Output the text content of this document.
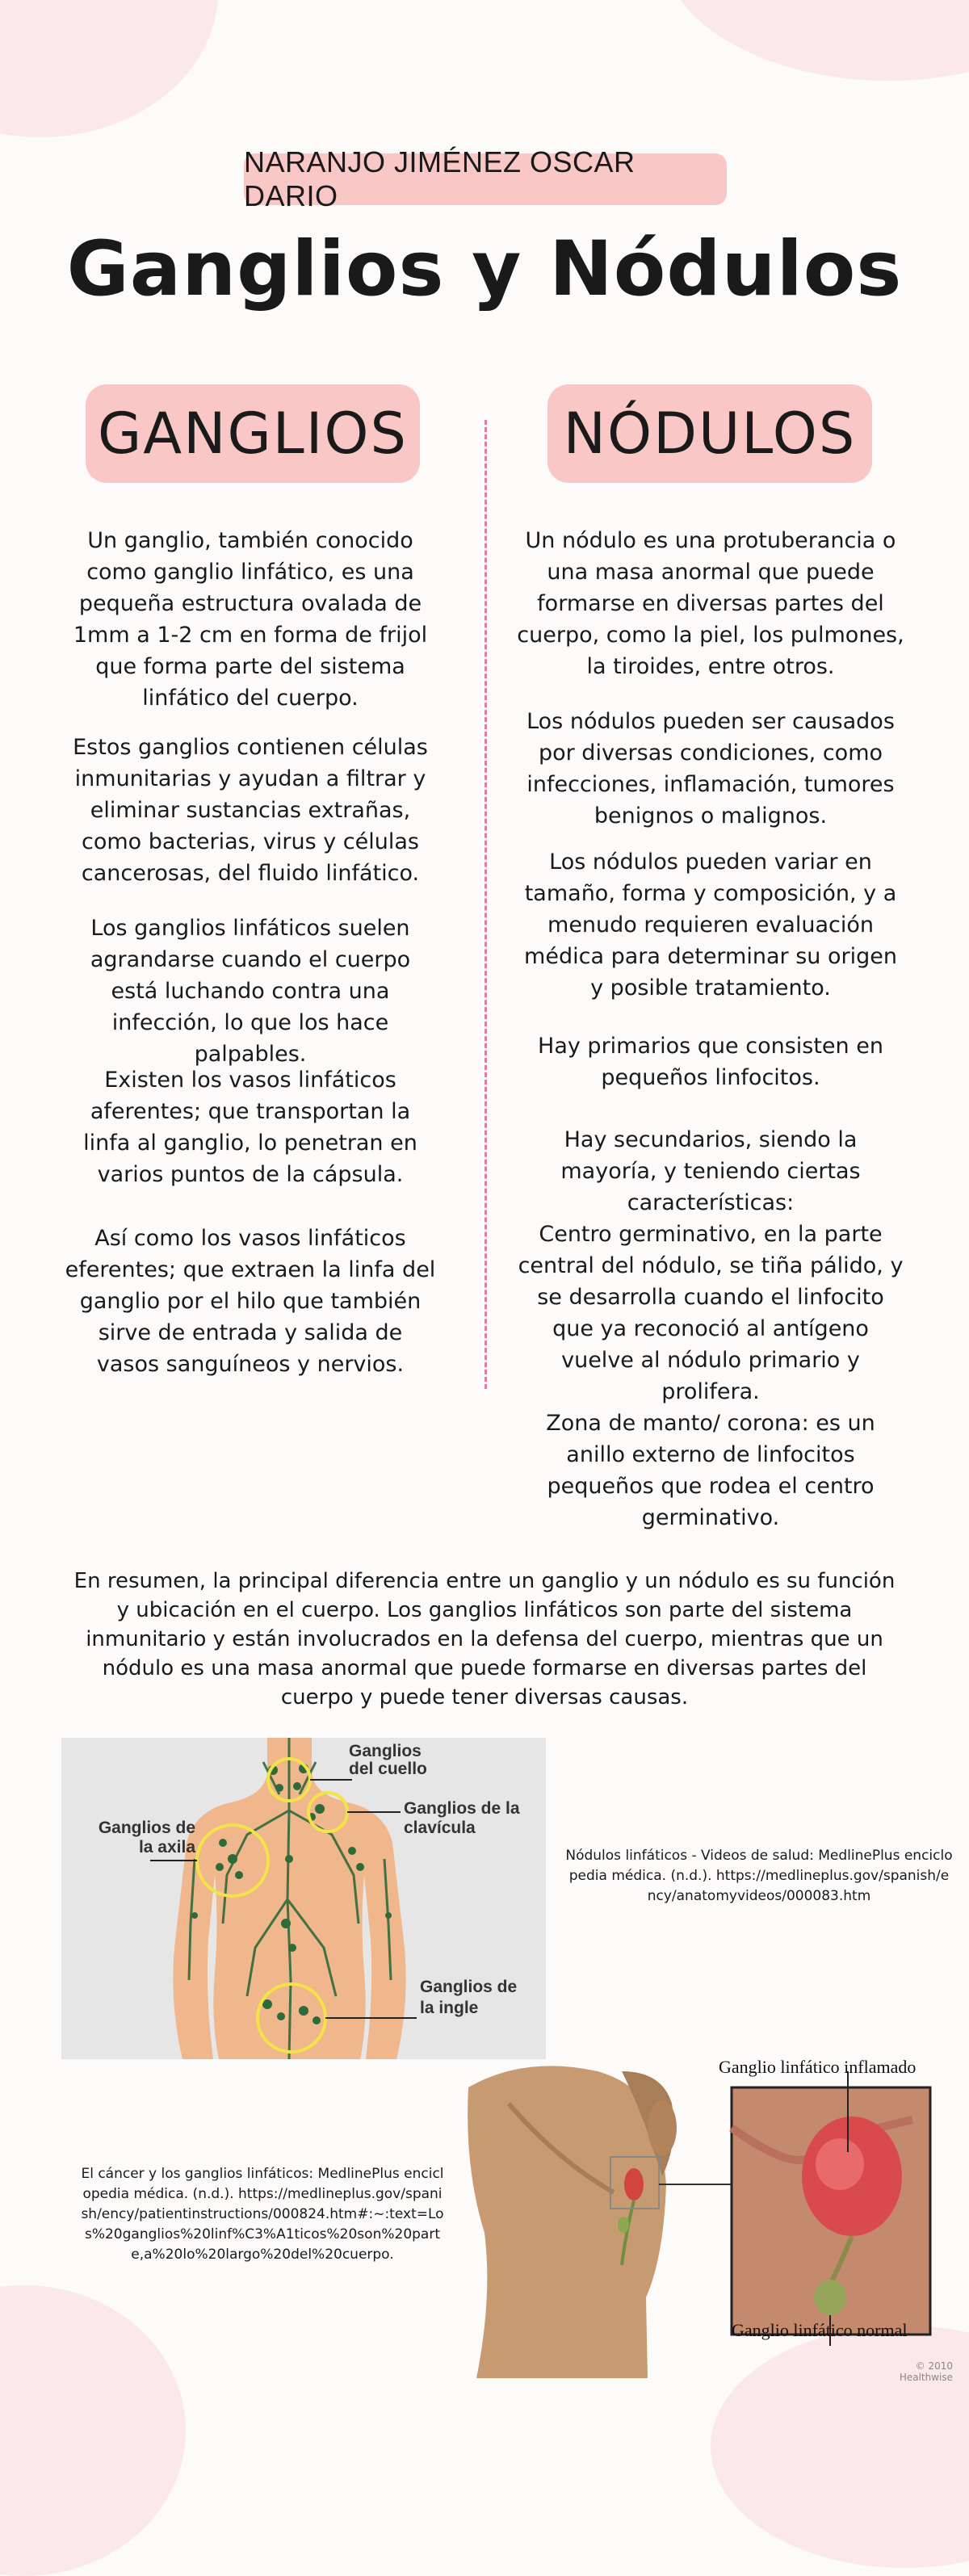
NARANJO JIMÉNEZ OSCAR DARIO
Ganglios y Nódulos
GANGLIOS	NÓDULOS

Un ganglio, también conocido como ganglio linfático, es una pequeña estructura ovalada de 1mm a 1-2 cm en forma de frijol que forma parte del sistema linfático del cuerpo.

Estos ganglios contienen células inmunitarias y ayudan a filtrar y eliminar sustancias extrañas, como bacterias, virus y células cancerosas, del fluido linfático.

Los ganglios linfáticos suelen agrandarse cuando el cuerpo está luchando contra una infección, lo que los hace palpables.

Existen los vasos linfáticos aferentes; que transportan la linfa al ganglio, lo penetran en varios puntos de la cápsula.

Así como los vasos linfáticos eferentes; que extraen la linfa del ganglio por el hilo que también sirve de entrada y salida de vasos sanguíneos y nervios.

Un nódulo es una protuberancia o una masa anormal que puede formarse en diversas partes del cuerpo, como la piel, los pulmones, la tiroides, entre otros.

Los nódulos pueden ser causados por diversas condiciones, como infecciones, inflamación, tumores benignos o malignos.

Los nódulos pueden variar en tamaño, forma y composición, y a menudo requieren evaluación médica para determinar su origen y posible tratamiento.

Hay primarios que consisten en pequeños linfocitos.

Hay secundarios, siendo la mayoría, y teniendo ciertas características:
Centro germinativo, en la parte central del nódulo, se tiña pálido, y se desarrolla cuando el linfocito que ya reconoció al antígeno vuelve al nódulo primario y prolifera.
Zona de manto/ corona: es un anillo externo de linfocitos pequeños que rodea el centro germinativo.

En resumen, la principal diferencia entre un ganglio y un nódulo es su función y ubicación en el cuerpo. Los ganglios linfáticos son parte del sistema inmunitario y están involucrados en la defensa del cuerpo, mientras que un nódulo es una masa anormal que puede formarse en diversas partes del cuerpo y puede tener diversas causas.

Ganglios del cuello
Ganglios de la clavícula
Ganglios de la axila
Ganglios de la ingle

Nódulos linfáticos - Videos de salud: MedlinePlus enciclopedia médica. (n.d.). https://medlineplus.gov/spanish/ency/anatomyvideos/000083.htm

El cáncer y los ganglios linfáticos: MedlinePlus enciclopedia médica. (n.d.). https://medlineplus.gov/spanish/ency/patientinstructions/000824.htm#:~:text=Los%20ganglios%20linf%C3%A1ticos%20son%20parte,a%20lo%20largo%20del%20cuerpo.

Ganglio linfático inflamado
Ganglio linfático normal
© 2010 Healthwise
